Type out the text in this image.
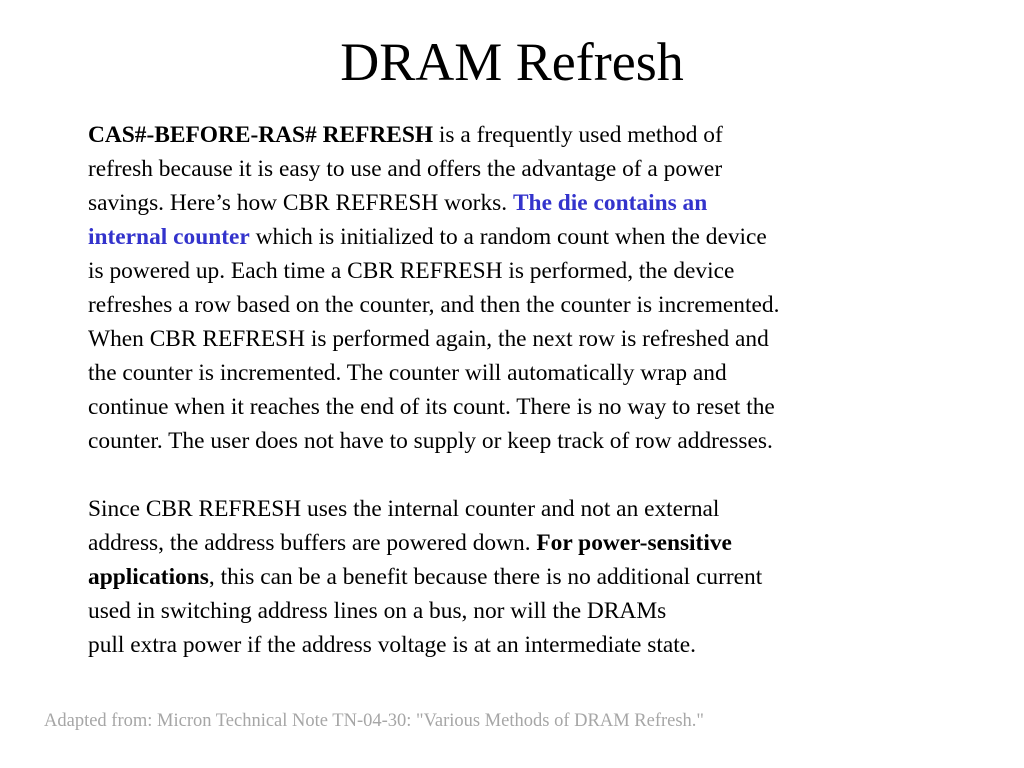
DRAM Refresh

CAS#-BEFORE-RAS# REFRESH is a frequently used method of
refresh because it is easy to use and offers the advantage of a power
savings. Here’s how CBR REFRESH works. The die contains an
internal counter which is initialized to a random count when the device
is powered up. Each time a CBR REFRESH is performed, the device
refreshes a row based on the counter, and then the counter is incremented.
When CBR REFRESH is performed again, the next row is refreshed and
the counter is incremented. The counter will automatically wrap and
continue when it reaches the end of its count. There is no way to reset the
counter. The user does not have to supply or keep track of row addresses.

Since CBR REFRESH uses the internal counter and not an external
address, the address buffers are powered down. For power-sensitive
applications, this can be a benefit because there is no additional current
used in switching address lines on a bus, nor will the DRAMs
pull extra power if the address voltage is at an intermediate state.

Adapted from: Micron Technical Note TN-04-30: "Various Methods of DRAM Refresh."
